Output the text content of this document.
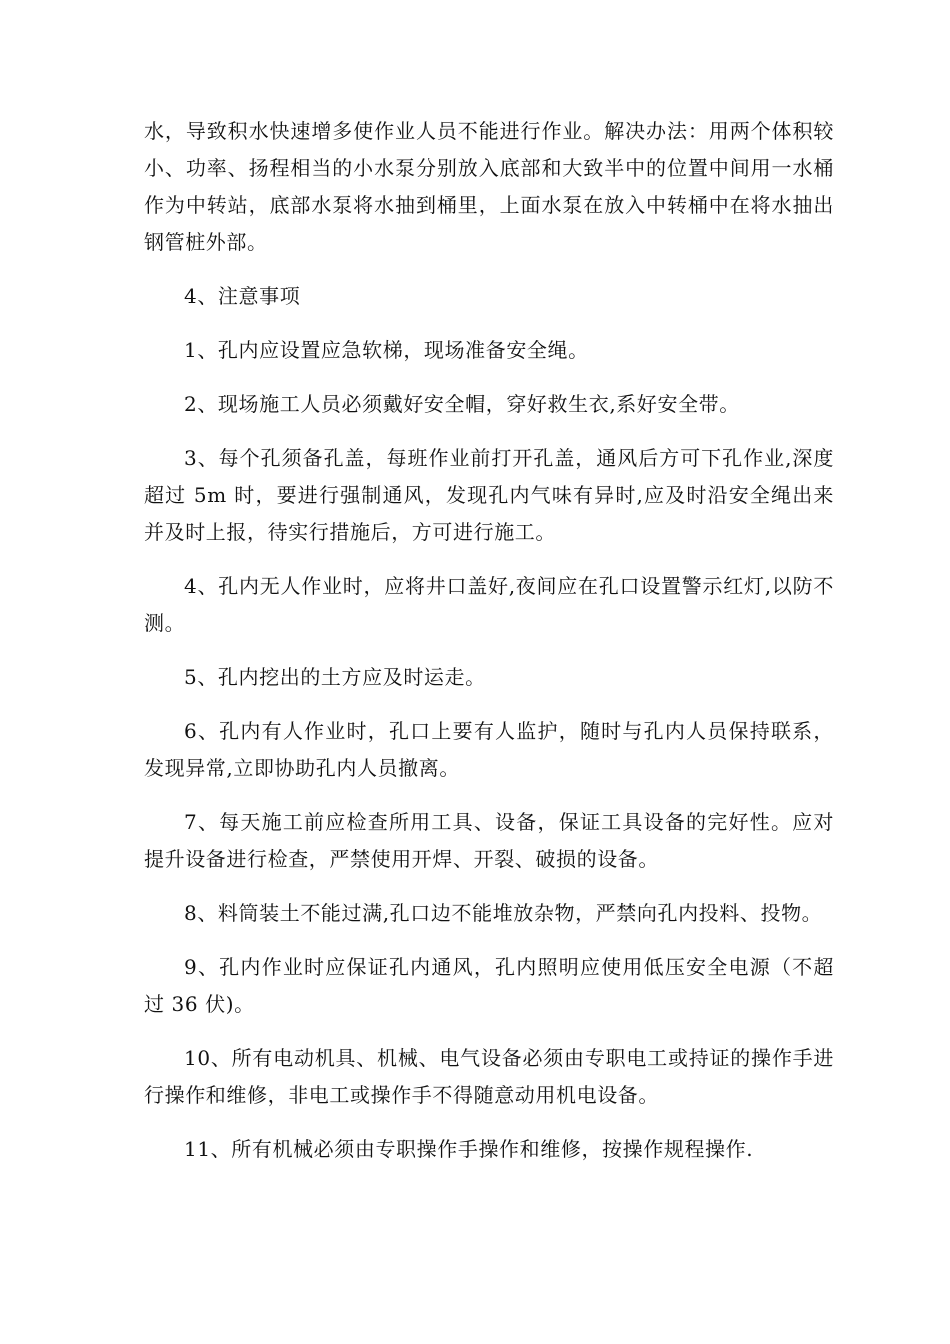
水，导致积水快速增多使作业人员不能进行作业。解决办法：用两个体积较小、功率、扬程相当的小水泵分别放入底部和大致半中的位置中间用一水桶作为中转站，底部水泵将水抽到桶里，上面水泵在放入中转桶中在将水抽出钢管桩外部。

4、注意事项

1、孔内应设置应急软梯，现场准备安全绳。

2、现场施工人员必须戴好安全帽，穿好救生衣,系好安全带。

3、每个孔须备孔盖，每班作业前打开孔盖，通风后方可下孔作业,深度超过 5m 时，要进行强制通风，发现孔内气味有异时,应及时沿安全绳出来并及时上报，待实行措施后，方可进行施工。

4、孔内无人作业时，应将井口盖好,夜间应在孔口设置警示红灯,以防不测。

5、孔内挖出的土方应及时运走。

6、孔内有人作业时，孔口上要有人监护，随时与孔内人员保持联系，发现异常,立即协助孔内人员撤离。

7、每天施工前应检查所用工具、设备，保证工具设备的完好性。应对提升设备进行检查，严禁使用开焊、开裂、破损的设备。

8、料筒装土不能过满,孔口边不能堆放杂物，严禁向孔内投料、投物。

9、孔内作业时应保证孔内通风，孔内照明应使用低压安全电源（不超过 36 伏)。

10、所有电动机具、机械、电气设备必须由专职电工或持证的操作手进行操作和维修，非电工或操作手不得随意动用机电设备。

11、所有机械必须由专职操作手操作和维修，按操作规程操作.
